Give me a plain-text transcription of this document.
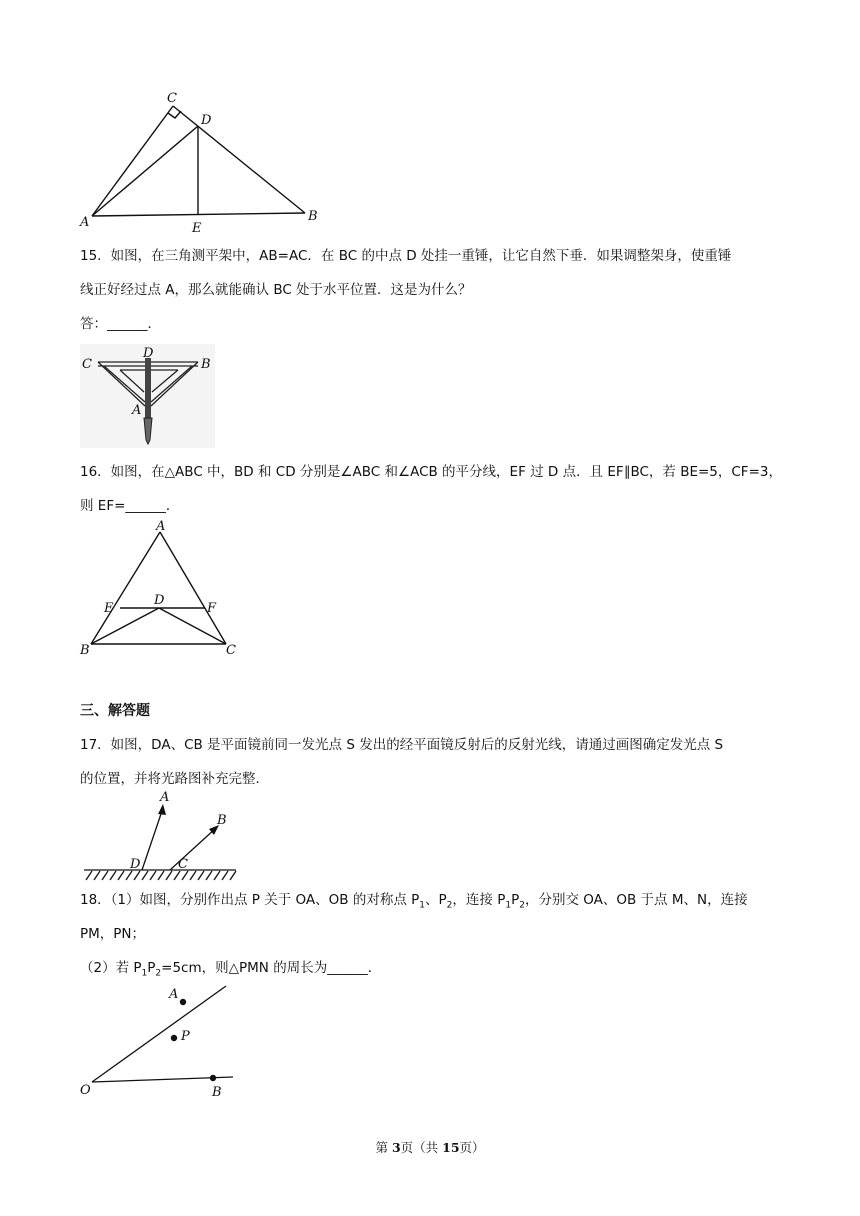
C
D
A	E
B
15．如图，在三角测平架中，AB=AC．在 BC 的中点 D 处挂一重锤，让它自然下垂．如果调整架身，使重锤
线正好经过点 A，那么就能确认 BC 处于水平位置．这是为什么？
答：______．
C
D
B
A
16．如图，在△ABC 中，BD 和 CD 分别是∠ABC 和∠ACB 的平分线，EF 过 D 点．且 EF∥BC，若 BE=5，CF=3，
则 EF=______．
A
E
D
F
B	C
三、解答题
17．如图，DA、CB 是平面镜前同一发光点 S 发出的经平面镜反射后的反射光线，请通过画图确定发光点 S
的位置，并将光路图补充完整．
A
B
D	C
18．（1）如图，分别作出点 P 关于 OA、OB 的对称点 $P_1$、$P_2$，连接 $P_1P_2$，分别交 OA、OB 于点 M、N，连接
PM，PN；
（2）若 $P_1P_2=5cm$，则△PMN 的周长为______．
A
P
O	B
第 3页（共 15页）
